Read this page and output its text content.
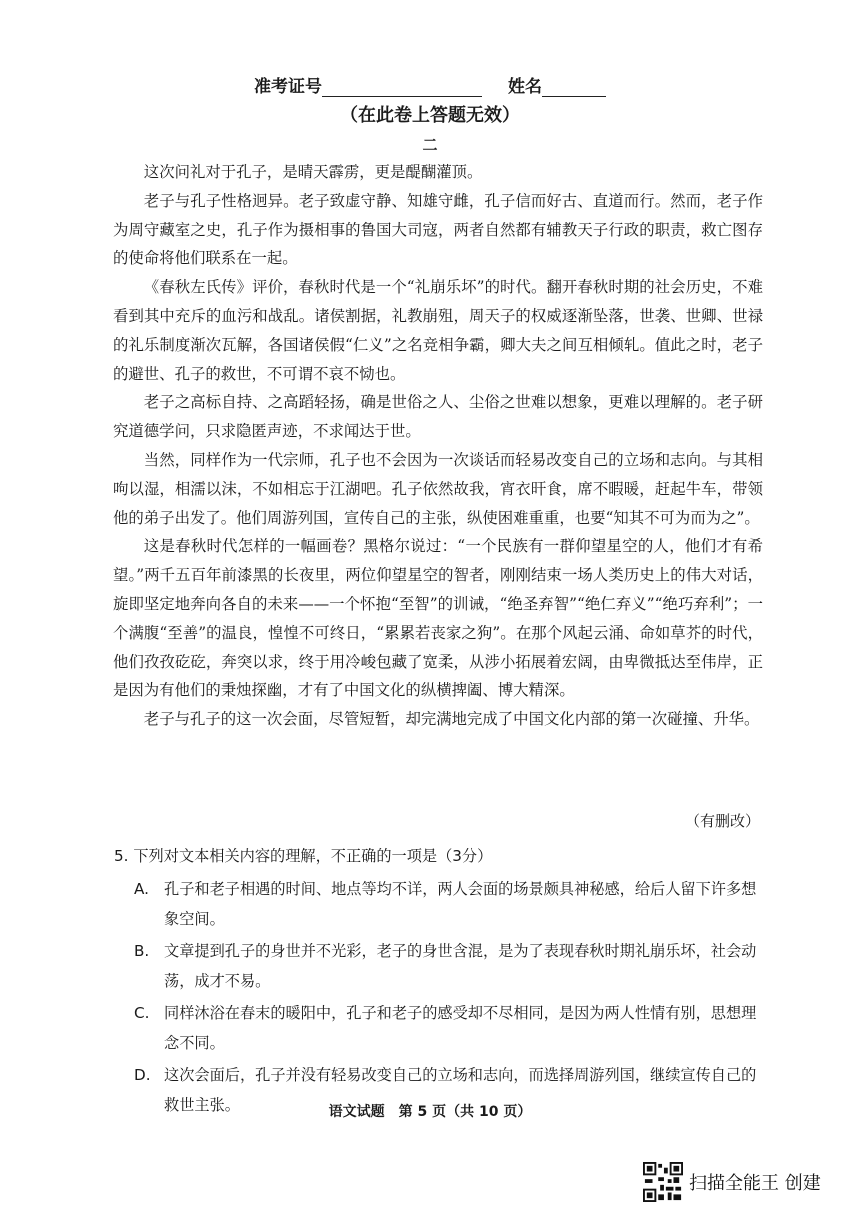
准考证号	姓名
（在此卷上答题无效）
二

这次问礼对于孔子，是晴天霹雳，更是醍醐灌顶。

老子与孔子性格迥异。老子致虚守静、知雄守雌，孔子信而好古、直道而行。然而，老子作为周守藏室之史，孔子作为摄相事的鲁国大司寇，两者自然都有辅教天子行政的职责，救亡图存的使命将他们联系在一起。

《春秋左氏传》评价，春秋时代是一个“礼崩乐坏”的时代。翻开春秋时期的社会历史，不难看到其中充斥的血污和战乱。诸侯割据，礼教崩殂，周天子的权威逐渐坠落，世袭、世卿、世禄的礼乐制度渐次瓦解，各国诸侯假“仁义”之名竞相争霸，卿大夫之间互相倾轧。值此之时，老子的避世、孔子的救世，不可谓不哀不恸也。

老子之高标自持、之高蹈轻扬，确是世俗之人、尘俗之世难以想象，更难以理解的。老子研究道德学问，只求隐匿声迹，不求闻达于世。

当然，同样作为一代宗师，孔子也不会因为一次谈话而轻易改变自己的立场和志向。与其相呴以湿，相濡以沫，不如相忘于江湖吧。孔子依然故我，宵衣旰食，席不暇暖，赶起牛车，带领他的弟子出发了。他们周游列国，宣传自己的主张，纵使困难重重，也要“知其不可为而为之”。

这是春秋时代怎样的一幅画卷？黑格尔说过：“一个民族有一群仰望星空的人，他们才有希望。”两千五百年前漆黑的长夜里，两位仰望星空的智者，刚刚结束一场人类历史上的伟大对话，旋即坚定地奔向各自的未来——一个怀抱“至智”的训诫，“绝圣弃智”“绝仁弃义”“绝巧弃利”；一个满腹“至善”的温良，惶惶不可终日，“累累若丧家之狗”。在那个风起云涌、命如草芥的时代，他们孜孜矻矻，奔突以求，终于用冷峻包藏了宽柔，从涉小拓展着宏阔，由卑微抵达至伟岸，正是因为有他们的秉烛探幽，才有了中国文化的纵横捭阖、博大精深。

老子与孔子的这一次会面，尽管短暂，却完满地完成了中国文化内部的第一次碰撞、升华。

（有删改）
5. 下列对文本相关内容的理解，不正确的一项是（3分）
A. 孔子和老子相遇的时间、地点等均不详，两人会面的场景颇具神秘感，给后人留下许多想象空间。
B. 文章提到孔子的身世并不光彩，老子的身世含混，是为了表现春秋时期礼崩乐坏，社会动荡，成才不易。
C. 同样沐浴在春末的暖阳中，孔子和老子的感受却不尽相同，是因为两人性情有别，思想理念不同。
D. 这次会面后，孔子并没有轻易改变自己的立场和志向，而选择周游列国，继续宣传自己的救世主张。	语文试题　第 5 页（共 10 页）
扫描全能王 创建
